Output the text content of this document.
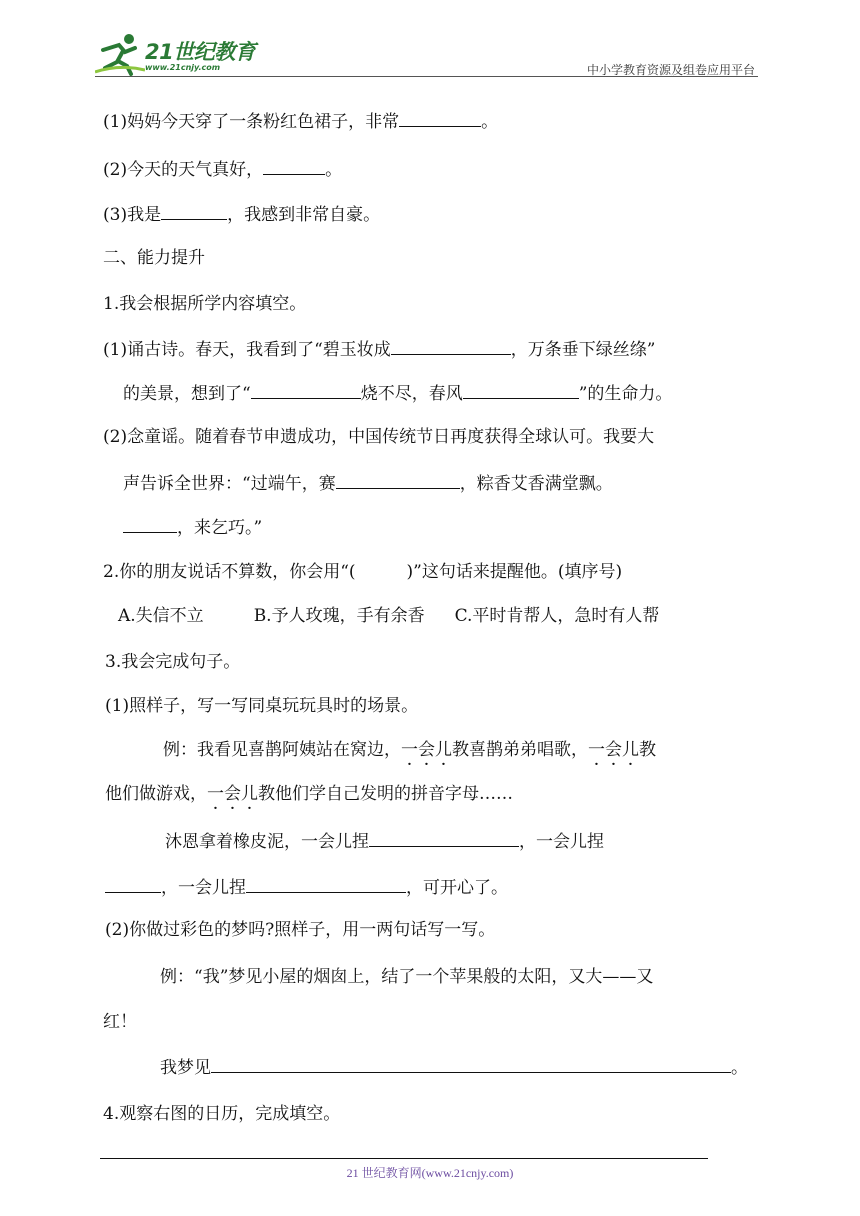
21世纪教育
www.21cnjy.com	中小学教育资源及组卷应用平台
(1)妈妈今天穿了一条粉红色裙子，非常	。
(2)今天的天气真好，	。
(3)我是	，我感到非常自豪。
二、能力提升
1.我会根据所学内容填空。
(1)诵古诗。春天，我看到了“碧玉妆成	，万条垂下绿丝绦”
的美景，想到了“	烧不尽，春风	”的生命力。
(2)念童谣。随着春节申遗成功，中国传统节日再度获得全球认可。我要大
声告诉全世界：“过端午，赛	，粽香艾香满堂飘。
，来乞巧。”
2.你的朋友说话不算数，你会用“(　　　)”这句话来提醒他。(填序号)
A.失信不立	B.予人玫瑰，手有余香 C.平时肯帮人，急时有人帮
3.我会完成句子。
(1)照样子，写一写同桌玩玩具时的场景。
例：我看见喜鹊阿姨站在窝边，一会儿教喜鹊弟弟唱歌，一会儿教
他们做游戏，一会儿教他们学自己发明的拼音字母……
沐恩拿着橡皮泥，一会儿捏	，一会儿捏
，一会儿捏	，可开心了。
(2)你做过彩色的梦吗?照样子，用一两句话写一写。
例：“我”梦见小屋的烟囱上，结了一个苹果般的太阳，又大——又
红！
我梦见	。
4.观察右图的日历，完成填空。
21 世纪教育网(www.21cnjy.com)
